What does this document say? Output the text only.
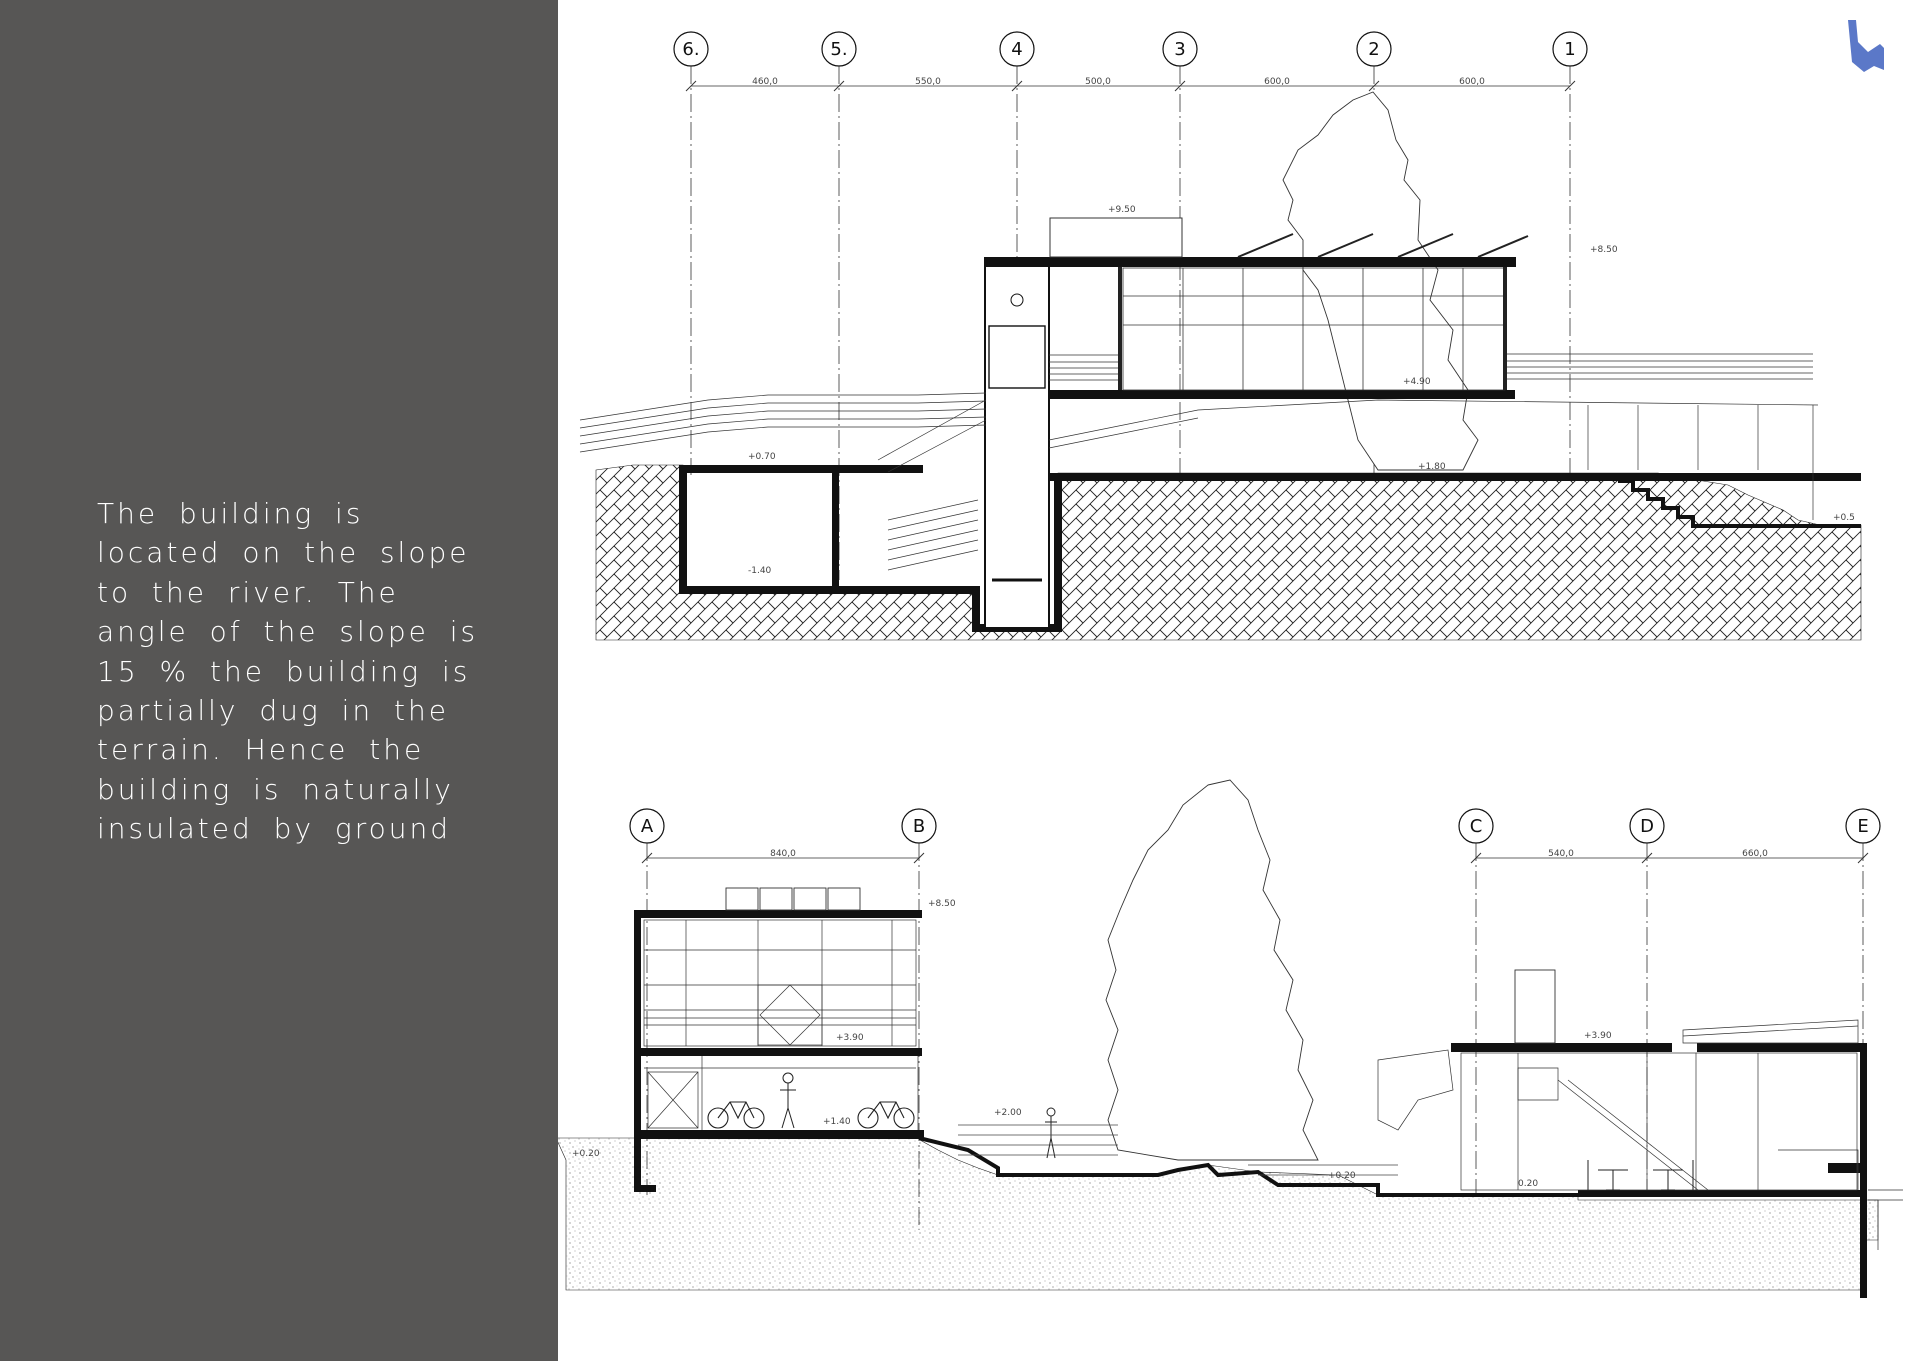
The building is
located on the slope
to the river. The
angle of the slope is
15 % the building is
partially dug in the
terrain. Hence the
building is naturally
insulated by ground
6.	5.	4	3	2	1
460,0	550,0	500,0	600,0	600,0
+9.50
+8.50
+4.90
+0.70
+1.80
-1.40
+0.5
A	B	C	D	E
840,0	540,0	660,0
+8.50
+3.90
+1.40
+0.20
+2.00
+3.90
+0.20
0.20
